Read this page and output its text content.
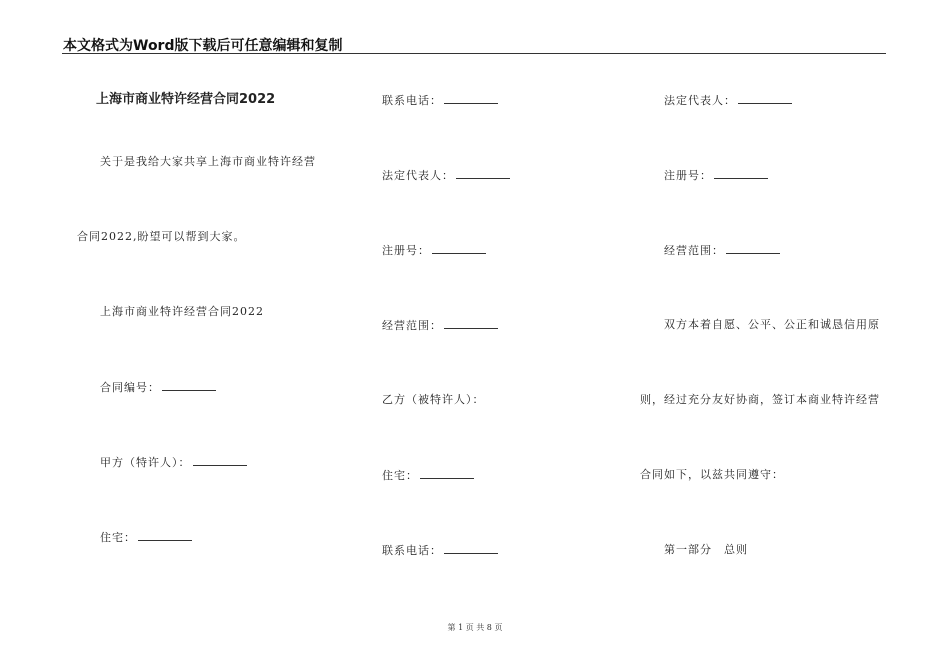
本文格式为Word版下载后可任意编辑和复制
上海市商业特许经营合同2022
关于是我给大家共享上海市商业特许经营
合同2022,盼望可以帮到大家。
上海市商业特许经营合同2022
合同编号：
甲方（特许人）：
住宅：
联系电话：
法定代表人：
注册号：
经营范围：
乙方（被特许人）：
住宅：
联系电话：
法定代表人：
注册号：
经营范围：
双方本着自愿、公平、公正和诚恳信用原
则，经过充分友好协商，签订本商业特许经营
合同如下，以兹共同遵守：
第一部分　总则
第 1 页 共 8 页
